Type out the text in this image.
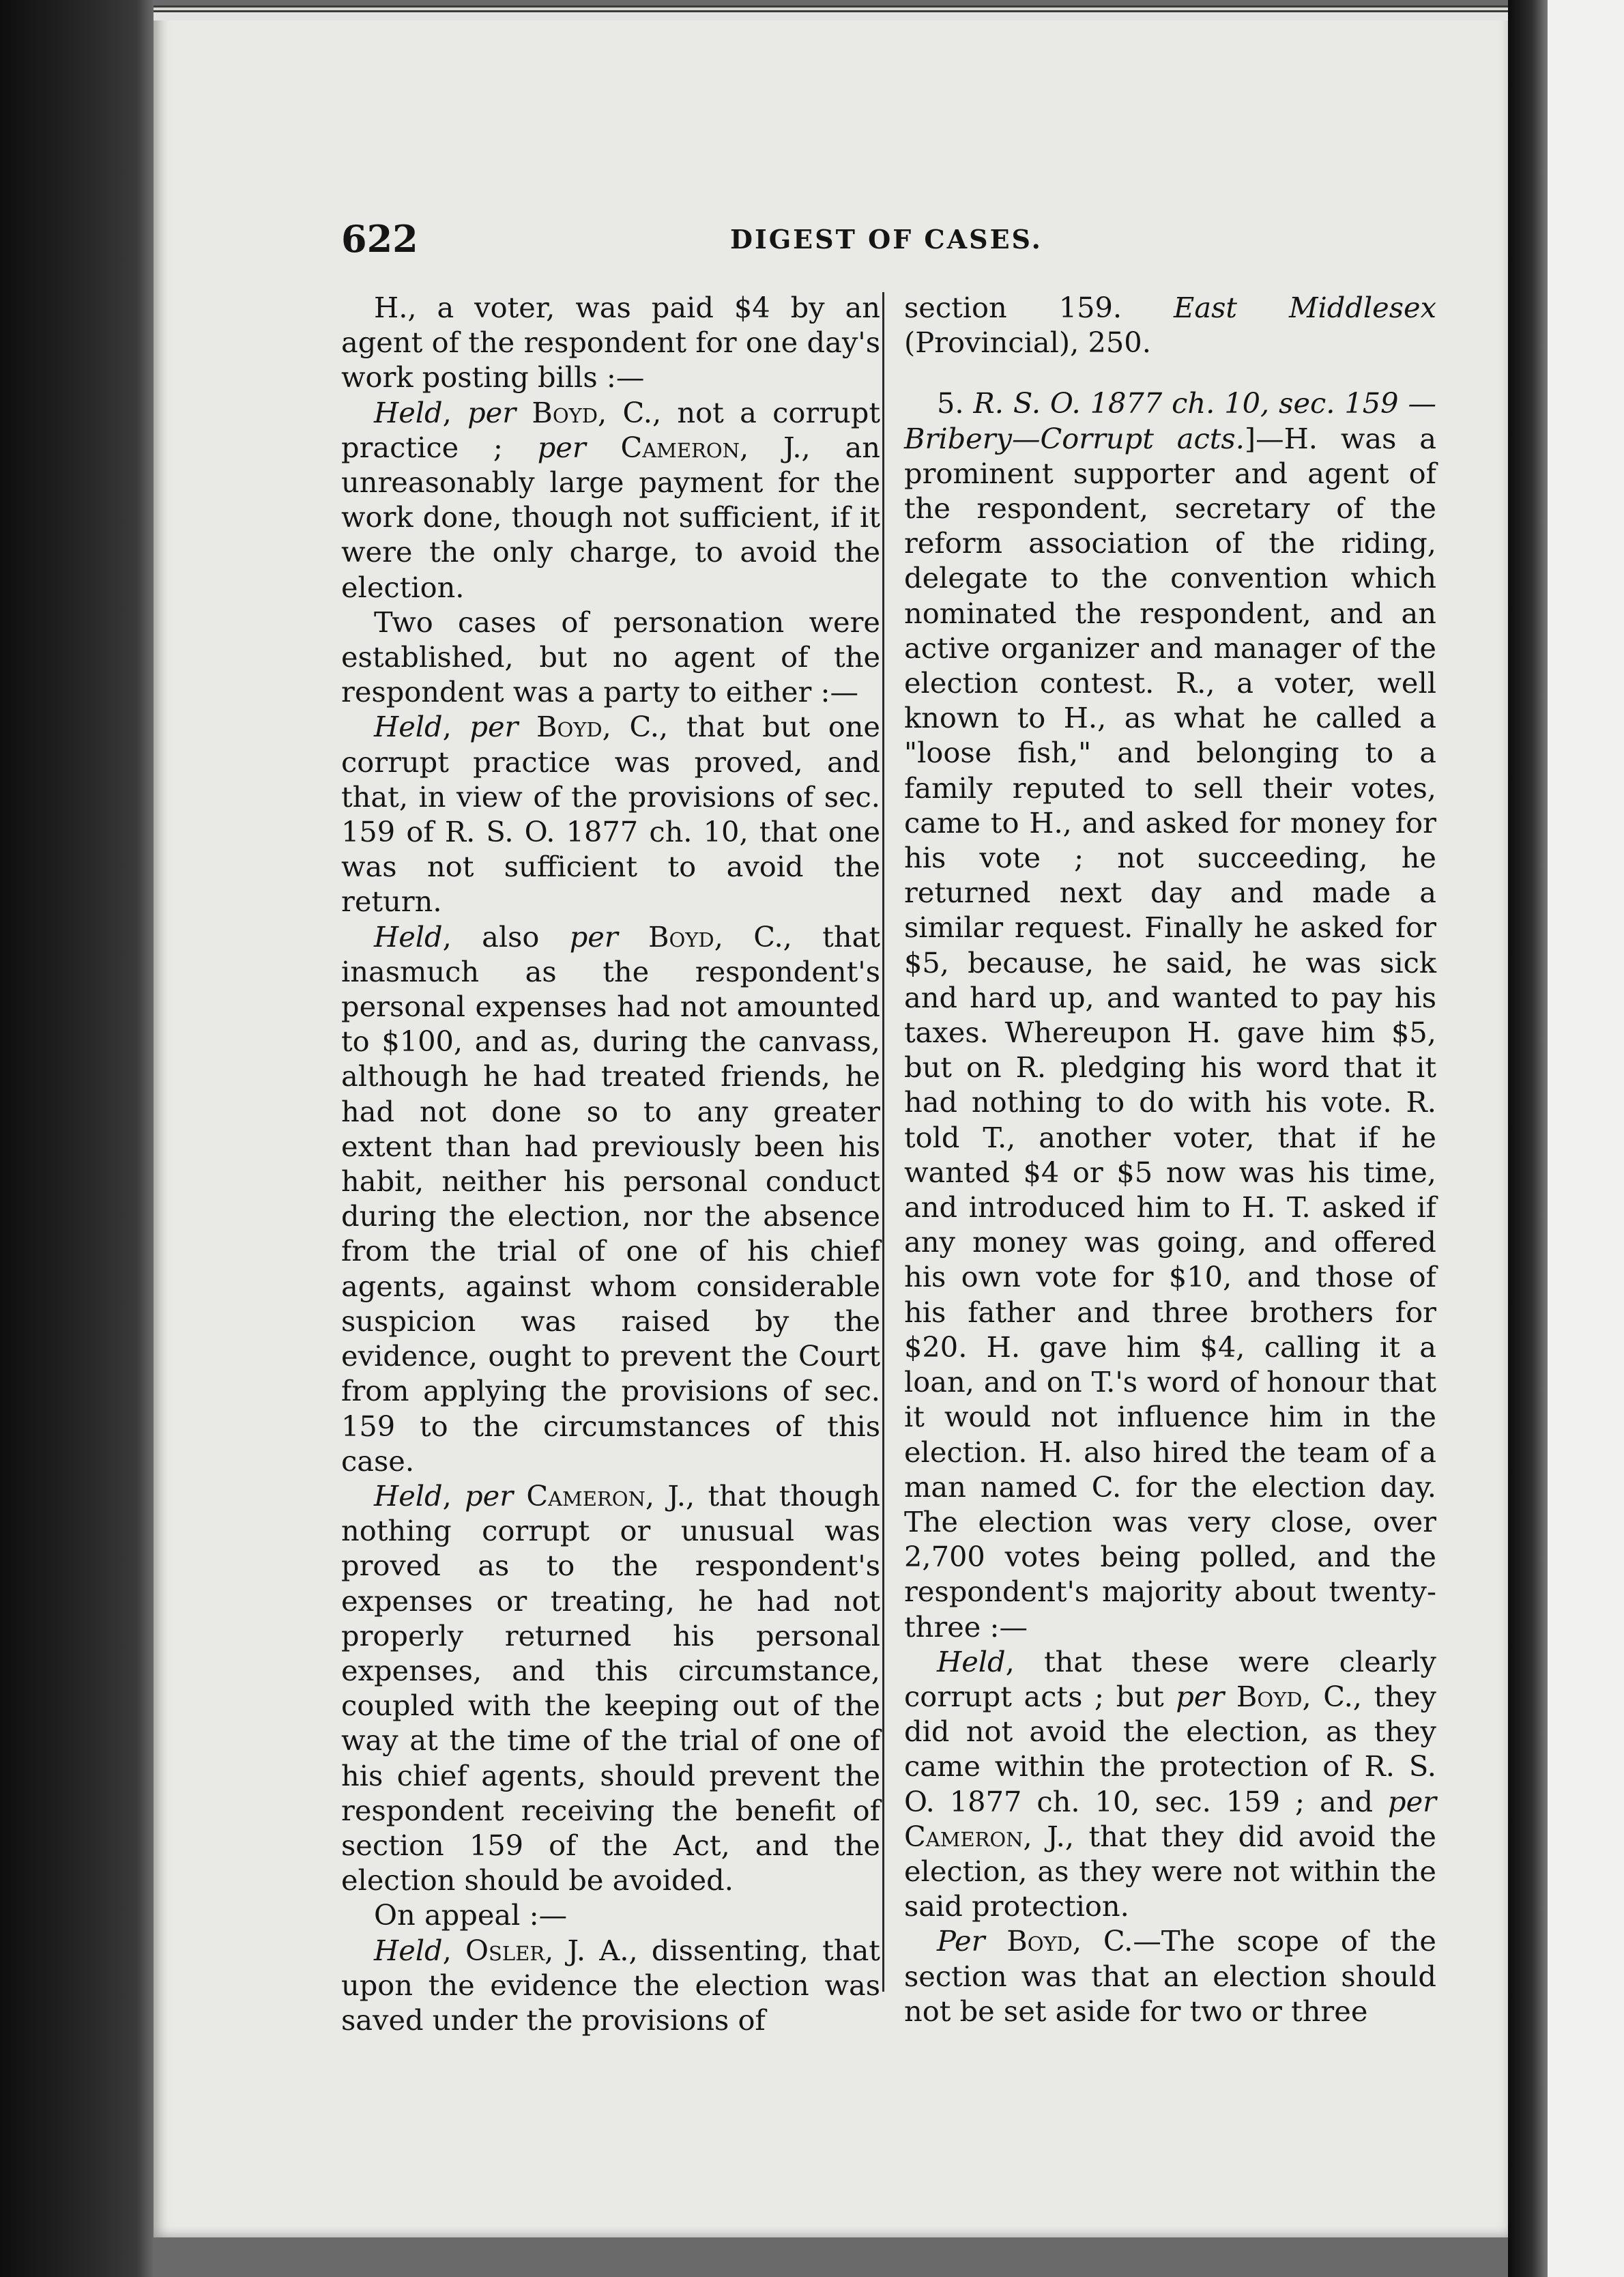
622	DIGEST OF CASES.

H., a voter, was paid $4 by an agent of the respondent for one day's work posting bills :—

Held, per Boyd, C., not a corrupt practice ; per Cameron, J., an unreasonably large payment for the work done, though not sufficient, if it were the only charge, to avoid the election.

Two cases of personation were established, but no agent of the respondent was a party to either :—

Held, per Boyd, C., that but one corrupt practice was proved, and that, in view of the provisions of sec. 159 of R. S. O. 1877 ch. 10, that one was not sufficient to avoid the return.

Held, also per Boyd, C., that inasmuch as the respondent's personal expenses had not amounted to $100, and as, during the canvass, although he had treated friends, he had not done so to any greater extent than had previously been his habit, neither his personal conduct during the election, nor the absence from the trial of one of his chief agents, against whom considerable suspicion was raised by the evidence, ought to prevent the Court from applying the provisions of sec. 159 to the circumstances of this case.

Held, per Cameron, J., that though nothing corrupt or unusual was proved as to the respondent's expenses or treating, he had not properly returned his personal expenses, and this circumstance, coupled with the keeping out of the way at the time of the trial of one of his chief agents, should prevent the respondent receiving the benefit of section 159 of the Act, and the election should be avoided.

On appeal :—

Held, Osler, J. A., dissenting, that upon the evidence the election was saved under the provisions of

section 159. East Middlesex (Provincial), 250.

5. R. S. O. 1877 ch. 10, sec. 159 —Bribery—Corrupt acts.]—H. was a prominent supporter and agent of the respondent, secretary of the reform association of the riding, delegate to the convention which nominated the respondent, and an active organizer and manager of the election contest. R., a voter, well known to H., as what he called a "loose fish," and belonging to a family reputed to sell their votes, came to H., and asked for money for his vote ; not succeeding, he returned next day and made a similar request. Finally he asked for $5, because, he said, he was sick and hard up, and wanted to pay his taxes. Whereupon H. gave him $5, but on R. pledging his word that it had nothing to do with his vote. R. told T., another voter, that if he wanted $4 or $5 now was his time, and introduced him to H. T. asked if any money was going, and offered his own vote for $10, and those of his father and three brothers for $20. H. gave him $4, calling it a loan, and on T.'s word of honour that it would not influence him in the election. H. also hired the team of a man named C. for the election day. The election was very close, over 2,700 votes being polled, and the respondent's majority about twenty-three :—

Held, that these were clearly corrupt acts ; but per Boyd, C., they did not avoid the election, as they came within the protection of R. S. O. 1877 ch. 10, sec. 159 ; and per Cameron, J., that they did avoid the election, as they were not within the said protection.

Per Boyd, C.—The scope of the section was that an election should not be set aside for two or three
